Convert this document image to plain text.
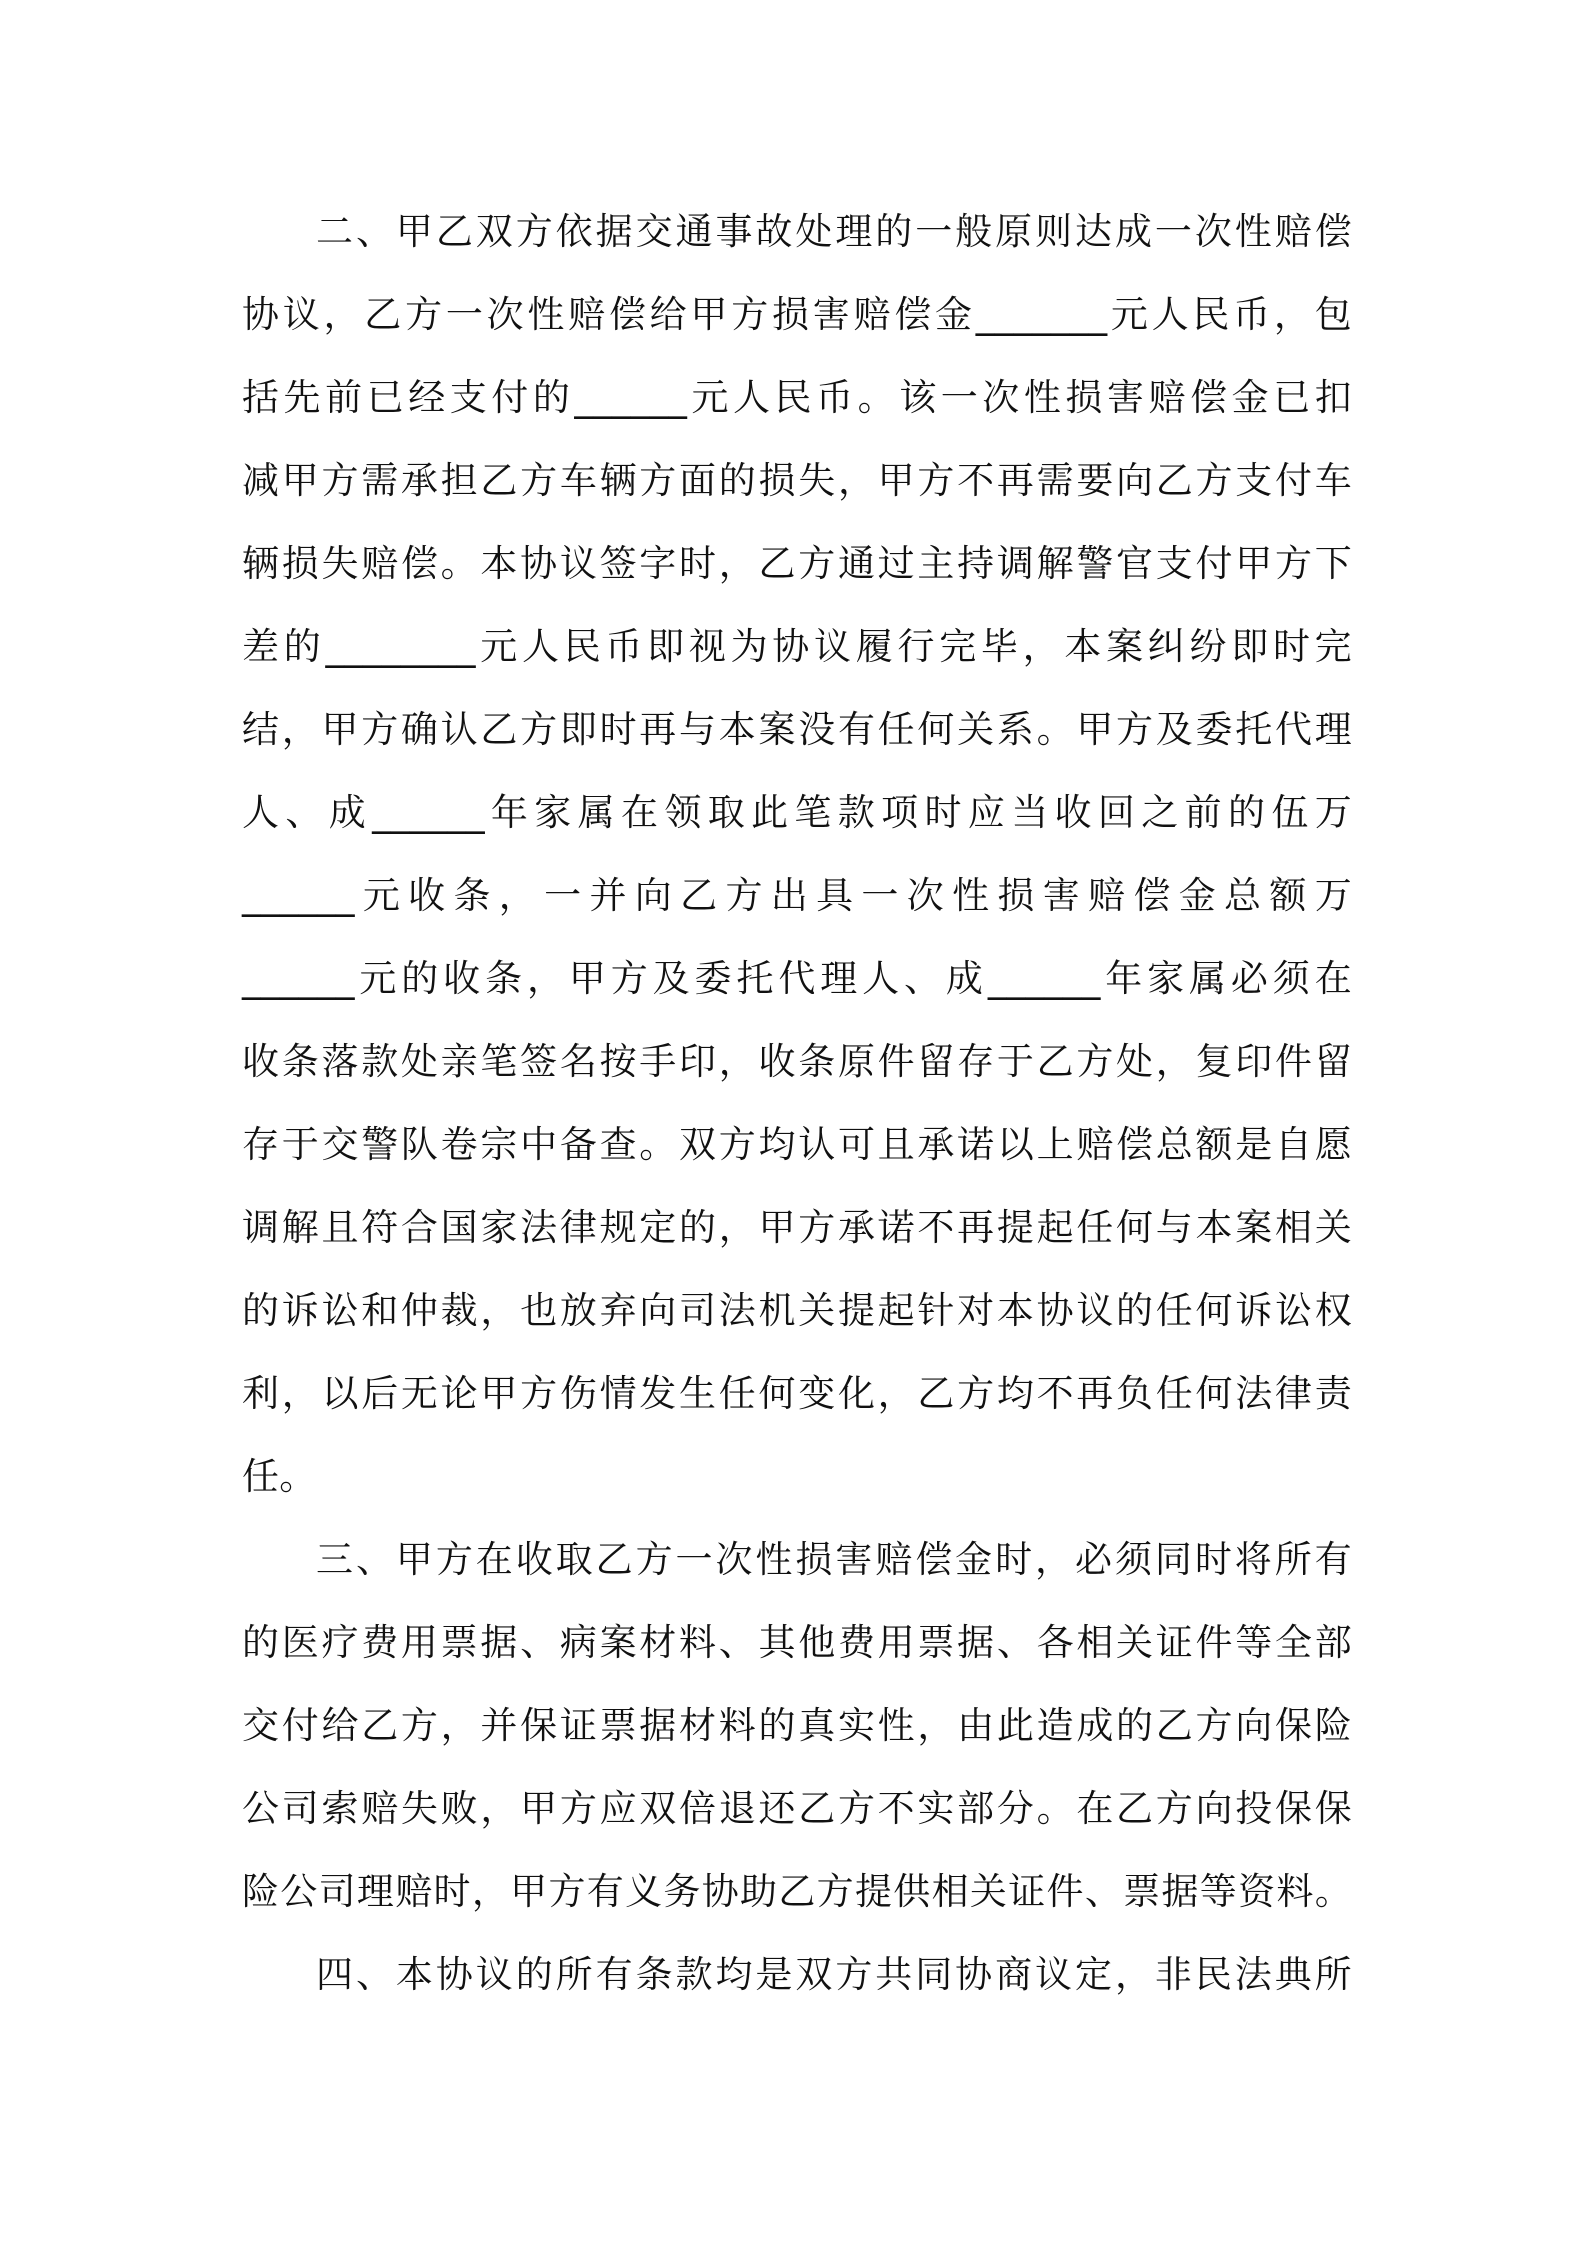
二、甲乙双方依据交通事故处理的一般原则达成一次性赔偿
协议，乙方一次性赔偿给甲方损害赔偿金_______元人民币，包
括先前已经支付的______元人民币。该一次性损害赔偿金已扣
减甲方需承担乙方车辆方面的损失，甲方不再需要向乙方支付车
辆损失赔偿。本协议签字时，乙方通过主持调解警官支付甲方下
差的________元人民币即视为协议履行完毕，本案纠纷即时完
结，甲方确认乙方即时再与本案没有任何关系。甲方及委托代理
人、成______年家属在领取此笔款项时应当收回之前的伍万
______元收条，一并向乙方出具一次性损害赔偿金总额万
______元的收条，甲方及委托代理人、成______年家属必须在
收条落款处亲笔签名按手印，收条原件留存于乙方处，复印件留
存于交警队卷宗中备查。双方均认可且承诺以上赔偿总额是自愿
调解且符合国家法律规定的，甲方承诺不再提起任何与本案相关
的诉讼和仲裁，也放弃向司法机关提起针对本协议的任何诉讼权
利，以后无论甲方伤情发生任何变化，乙方均不再负任何法律责
任。
三、甲方在收取乙方一次性损害赔偿金时，必须同时将所有
的医疗费用票据、病案材料、其他费用票据、各相关证件等全部
交付给乙方，并保证票据材料的真实性，由此造成的乙方向保险
公司索赔失败，甲方应双倍退还乙方不实部分。在乙方向投保保
险公司理赔时，甲方有义务协助乙方提供相关证件、票据等资料。
四、本协议的所有条款均是双方共同协商议定，非民法典所
